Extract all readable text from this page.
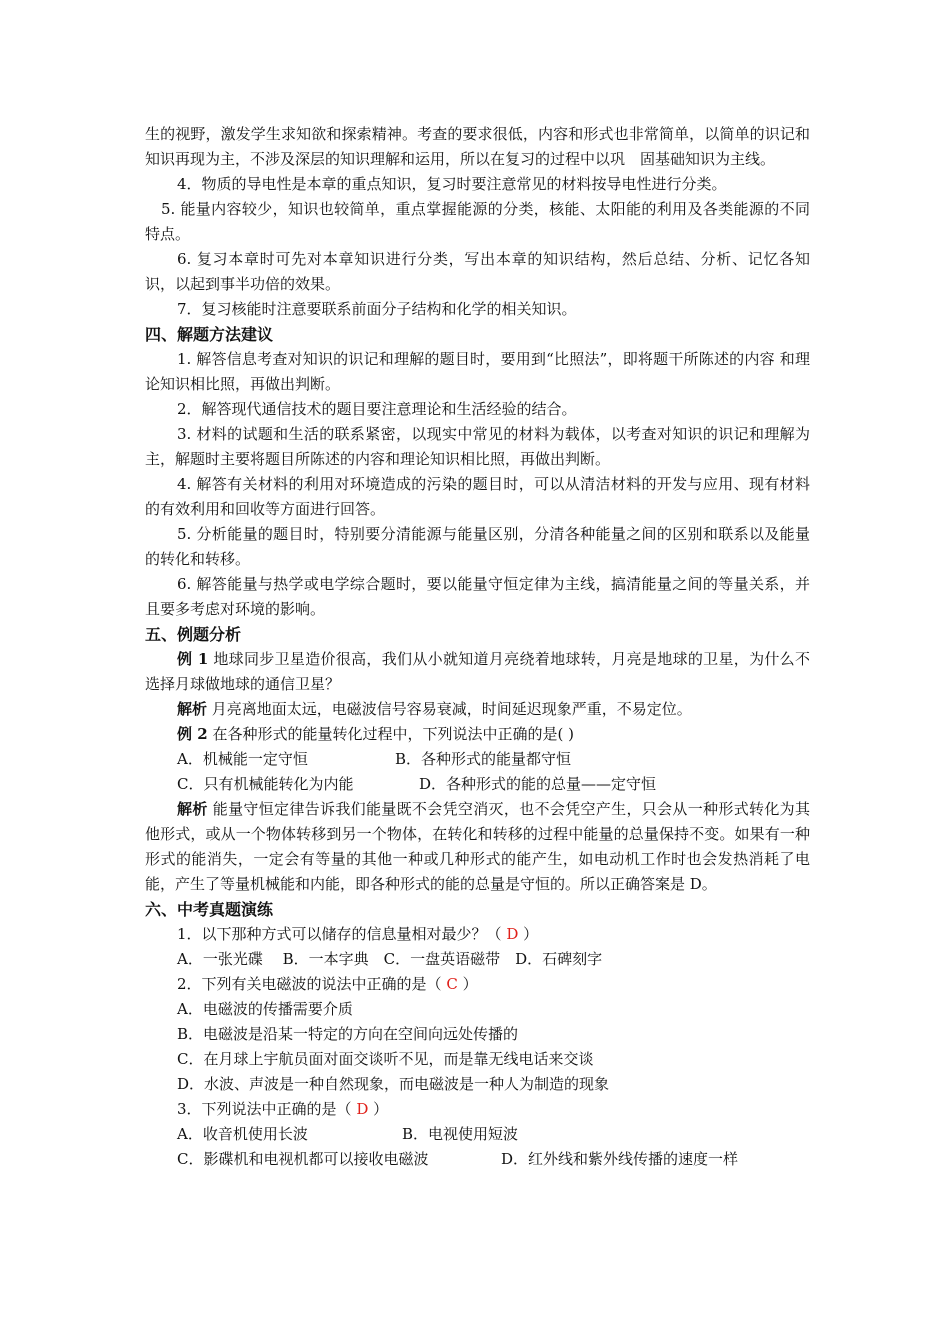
生的视野，激发学生求知欲和探索精神。考查的要求很低，内容和形式也非常简单，以简单的识记和知识再现为主，不涉及深层的知识理解和运用，所以在复习的过程中以巩　固基础知识为主线。

4．物质的导电性是本章的重点知识，复习时要注意常见的材料按导电性进行分类。

5. 能量内容较少，知识也较简单，重点掌握能源的分类，核能、太阳能的利用及各类能源的不同特点。

6. 复习本章时可先对本章知识进行分类，写出本章的知识结构，然后总结、分析、记忆各知识，以起到事半功倍的效果。

7．复习核能时注意要联系前面分子结构和化学的相关知识。

四、解题方法建议

1. 解答信息考查对知识的识记和理解的题目时，要用到“比照法”，即将题干所陈述的内容 和理论知识相比照，再做出判断。

2．解答现代通信技术的题目要注意理论和生活经验的结合。

3. 材料的试题和生活的联系紧密，以现实中常见的材料为载体，以考查对知识的识记和理解为主，解题时主要将题目所陈述的内容和理论知识相比照，再做出判断。

4. 解答有关材料的利用对环境造成的污染的题目时，可以从清洁材料的开发与应用、现有材料的有效利用和回收等方面进行回答。

5. 分析能量的题目时，特别要分清能源与能量区别，分清各种能量之间的区别和联系以及能量的转化和转移。

6. 解答能量与热学或电学综合题时，要以能量守恒定律为主线，搞清能量之间的等量关系，并且要多考虑对环境的影响。

五、例题分析

例 1 地球同步卫星造价很高，我们从小就知道月亮绕着地球转，月亮是地球的卫星，为什么不选择月球做地球的通信卫星？

解析 月亮离地面太远，电磁波信号容易衰减，时间延迟现象严重，不易定位。

例 2 在各种形式的能量转化过程中，下列说法中正确的是( )

A．机械能一定守恒	B．各种形式的能量都守恒
C．只有机械能转化为内能	D．各种形式的能的总量——定守恒

解析 能量守恒定律告诉我们能量既不会凭空消灭，也不会凭空产生，只会从一种形式转化为其他形式，或从一个物体转移到另一个物体，在转化和转移的过程中能量的总量保持不变。如果有一种形式的能消失，一定会有等量的其他一种或几种形式的能产生，如电动机工作时也会发热消耗了电能，产生了等量机械能和内能，即各种形式的能的总量是守恒的。所以正确答案是 D。

六、中考真题演练

1．以下那种方式可以储存的信息量相对最少？（ D ）

A．一张光碟　 B．一本字典　C．一盘英语磁带　D．石碑刻字

2．下列有关电磁波的说法中正确的是（ C ）

A．电磁波的传播需要介质

B．电磁波是沿某一特定的方向在空间向远处传播的

C．在月球上宇航员面对面交谈听不见，而是靠无线电话来交谈

D．水波、声波是一种自然现象，而电磁波是一种人为制造的现象

3．下列说法中正确的是（ D ）

A．收音机使用长波	B．电视使用短波
C．影碟机和电视机都可以接收电磁波	D．红外线和紫外线传播的速度一样
